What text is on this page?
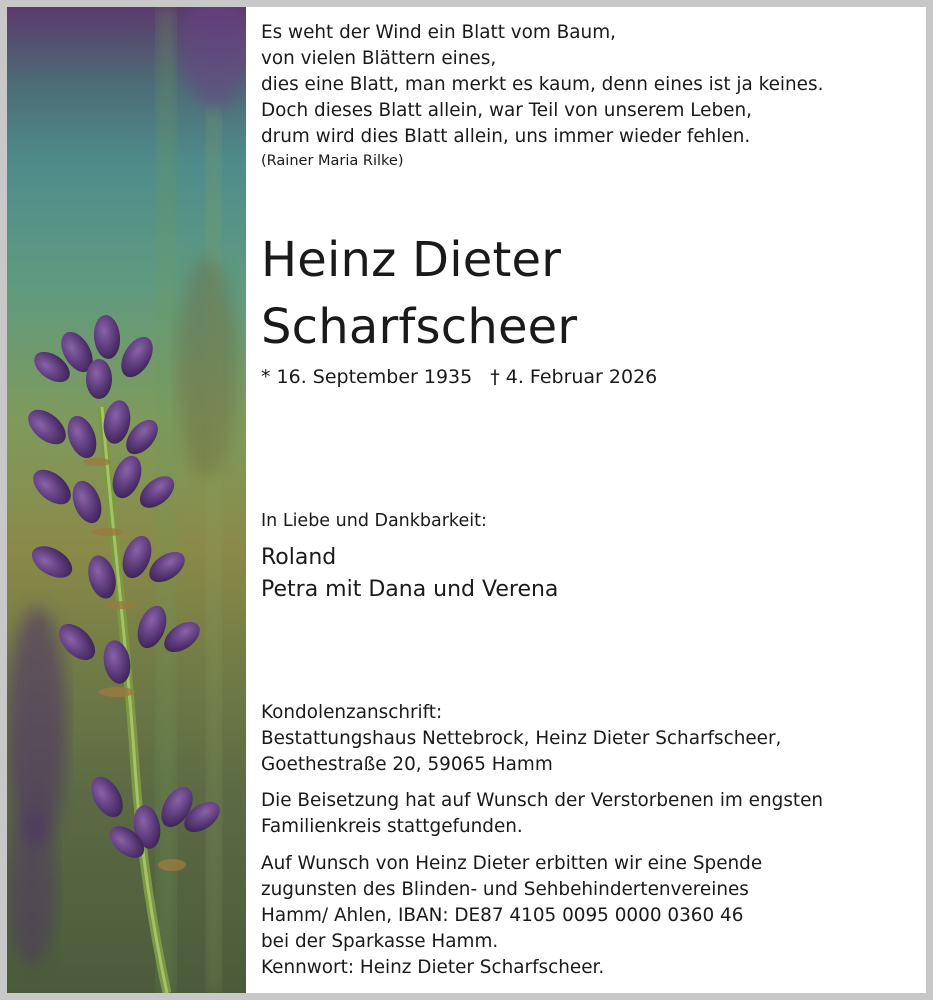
Es weht der Wind ein Blatt vom Baum,
von vielen Blättern eines,
dies eine Blatt, man merkt es kaum, denn eines ist ja keines.
Doch dieses Blatt allein, war Teil von unserem Leben,
drum wird dies Blatt allein, uns immer wieder fehlen.
(Rainer Maria Rilke)
Heinz Dieter
Scharfscheer
* 16. September 1935 † 4. Februar 2026
In Liebe und Dankbarkeit:
Roland
Petra mit Dana und Verena
Kondolenzanschrift:
Bestattungshaus Nettebrock, Heinz Dieter Scharfscheer,
Goethestraße 20, 59065 Hamm
Die Beisetzung hat auf Wunsch der Verstorbenen im engsten
Familienkreis stattgefunden.
Auf Wunsch von Heinz Dieter erbitten wir eine Spende
zugunsten des Blinden- und Sehbehindertenvereines
Hamm/ Ahlen, IBAN: DE87 4105 0095 0000 0360 46
bei der Sparkasse Hamm.
Kennwort: Heinz Dieter Scharfscheer.
